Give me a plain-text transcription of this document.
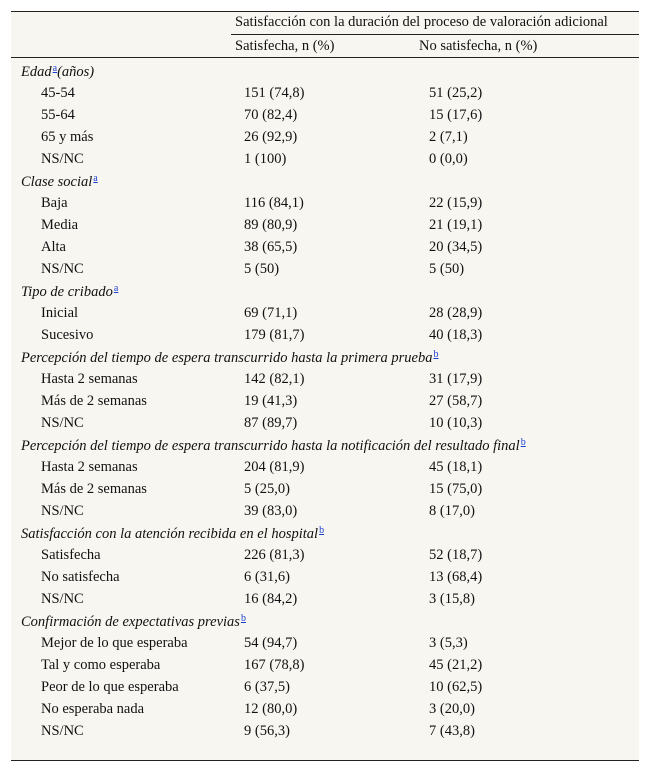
Satisfacción con la duración del proceso de valoración adicional
Satisfecha, n (%)	No satisfecha, n (%)
Edad$^a$(años)
45-54	151 (74,8)	51 (25,2)
55-64	70 (82,4)	15 (17,6)
65 y más	26 (92,9)	2 (7,1)
NS/NC	1 (100)	0 (0,0)
Clase social$^a$
Baja	116 (84,1)	22 (15,9)
Media	89 (80,9)	21 (19,1)
Alta	38 (65,5)	20 (34,5)
NS/NC	5 (50)	5 (50)
Tipo de cribado$^a$
Inicial	69 (71,1)	28 (28,9)
Sucesivo	179 (81,7)	40 (18,3)
Percepción del tiempo de espera transcurrido hasta la primera prueba$^b$
Hasta 2 semanas	142 (82,1)	31 (17,9)
Más de 2 semanas	19 (41,3)	27 (58,7)
NS/NC	87 (89,7)	10 (10,3)
Percepción del tiempo de espera transcurrido hasta la notificación del resultado final$^b$
Hasta 2 semanas	204 (81,9)	45 (18,1)
Más de 2 semanas	5 (25,0)	15 (75,0)
NS/NC	39 (83,0)	8 (17,0)
Satisfacción con la atención recibida en el hospital$^b$
Satisfecha	226 (81,3)	52 (18,7)
No satisfecha	6 (31,6)	13 (68,4)
NS/NC	16 (84,2)	3 (15,8)
Confirmación de expectativas previas$^b$
Mejor de lo que esperaba	54 (94,7)	3 (5,3)
Tal y como esperaba	167 (78,8)	45 (21,2)
Peor de lo que esperaba	6 (37,5)	10 (62,5)
No esperaba nada	12 (80,0)	3 (20,0)
NS/NC	9 (56,3)	7 (43,8)
